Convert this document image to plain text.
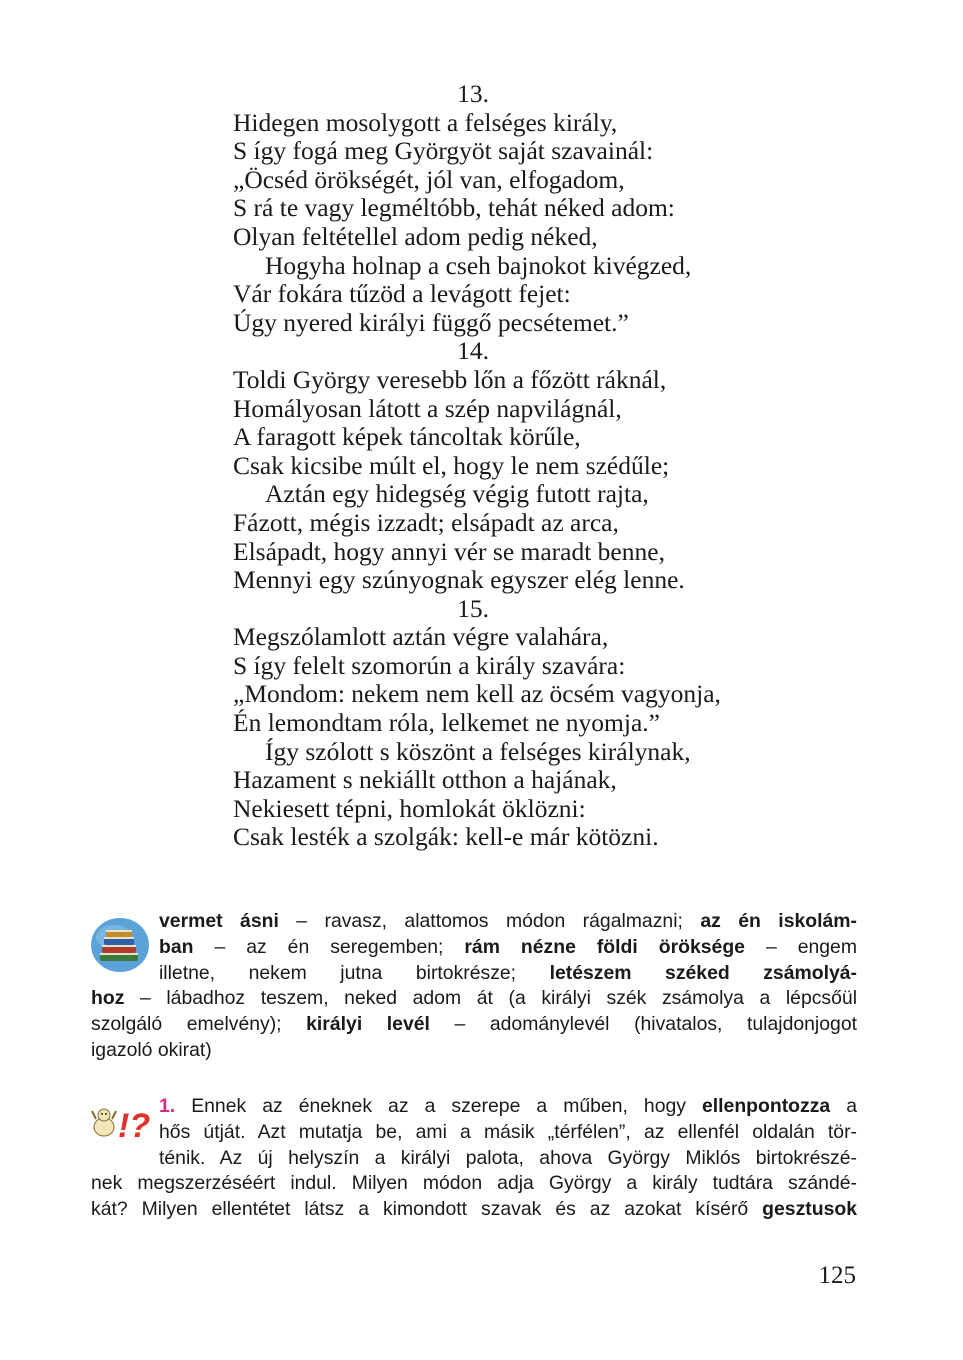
13.
Hidegen mosolygott a felséges király,
S így fogá meg Györgyöt saját szavainál:
„Öcséd örökségét, jól van, elfogadom,
S rá te vagy legméltóbb, tehát néked adom:
Olyan feltétellel adom pedig néked,
Hogyha holnap a cseh bajnokot kivégzed,
Vár fokára tűzöd a levágott fejet:
Úgy nyered királyi függő pecsétemet.”
14.
Toldi György veresebb lőn a főzött ráknál,
Homályosan látott a szép napvilágnál,
A faragott képek táncoltak körűle,
Csak kicsibe múlt el, hogy le nem szédűle;
Aztán egy hidegség végig futott rajta,
Fázott, mégis izzadt; elsápadt az arca,
Elsápadt, hogy annyi vér se maradt benne,
Mennyi egy szúnyognak egyszer elég lenne.
15.
Megszólamlott aztán végre valahára,
S így felelt szomorún a király szavára:
„Mondom: nekem nem kell az öcsém vagyonja,
Én lemondtam róla, lelkemet ne nyomja.”
Így szólott s köszönt a felséges királynak,
Hazament s nekiállt otthon a hajának,
Nekiesett tépni, homlokát öklözni:
Csak lesték a szolgák: kell-e már kötözni.
vermet ásni – ravasz, alattomos módon rágalmazni; az én iskolám-
ban – az én seregemben; rám nézne földi öröksége – engem
illetne, nekem jutna birtokrésze; letészem széked zsámolyá-
hoz – lábadhoz teszem, neked adom át (a királyi szék zsámolya a lépcsőül
szolgáló emelvény); királyi levél – adománylevél (hivatalos, tulajdonjogot
igazoló okirat)
!?
1. Ennek az éneknek az a szerepe a műben, hogy ellenpontozza a
hős útját. Azt mutatja be, ami a másik „térfélen”, az ellenfél oldalán tör-
ténik. Az új helyszín a királyi palota, ahova György Miklós birtokrészé-
nek megszerzéséért indul. Milyen módon adja György a király tudtára szándé-
kát? Milyen ellentétet látsz a kimondott szavak és az azokat kísérő gesztusok
125
